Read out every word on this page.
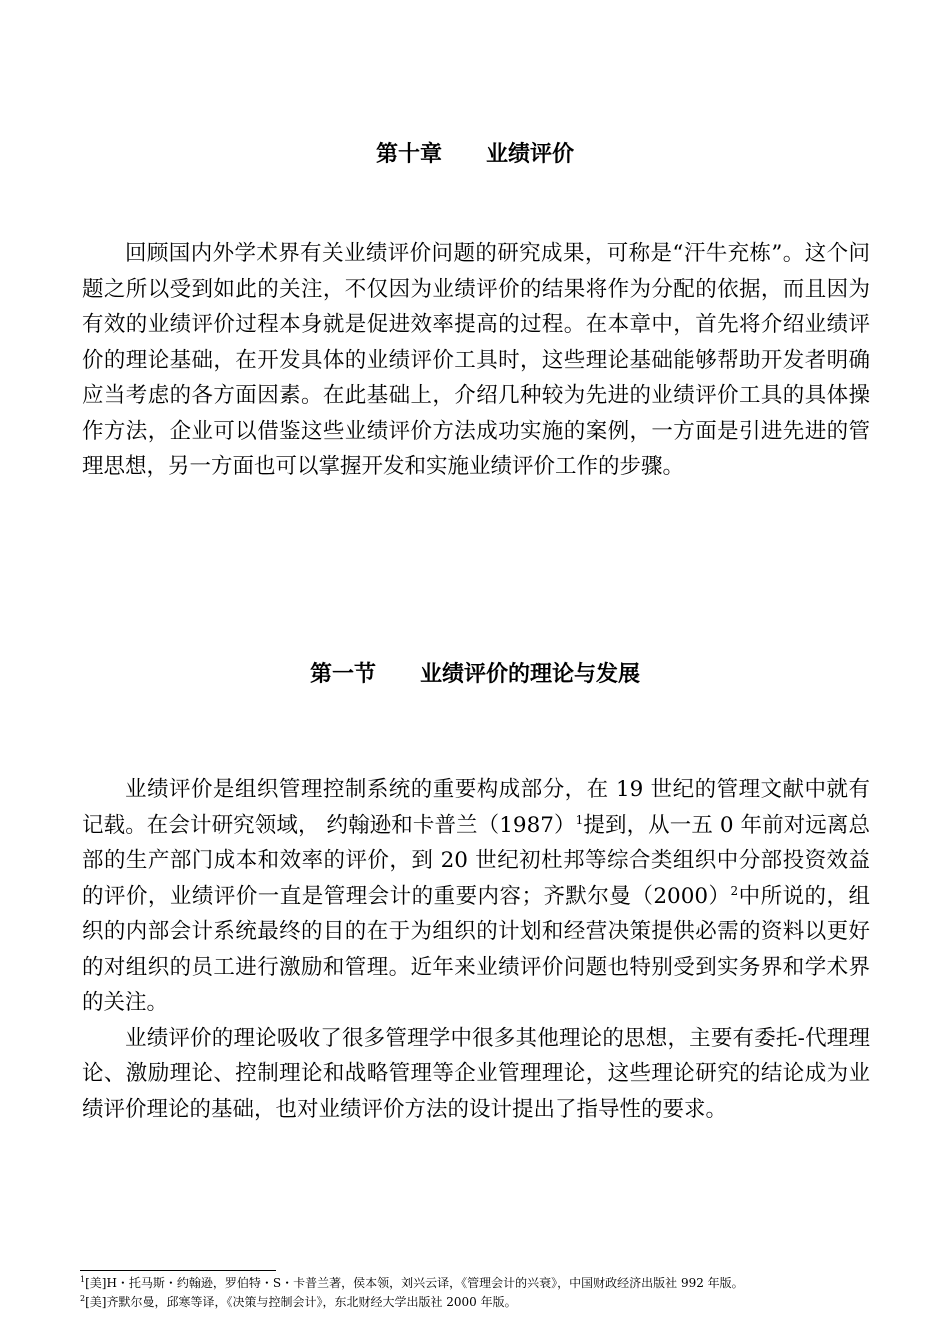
第十章　　业绩评价

回顾国内外学术界有关业绩评价问题的研究成果，可称是“汗牛充栋”。这个问题之所以受到如此的关注，不仅因为业绩评价的结果将作为分配的依据，而且因为有效的业绩评价过程本身就是促进效率提高的过程。在本章中，首先将介绍业绩评价的理论基础，在开发具体的业绩评价工具时，这些理论基础能够帮助开发者明确应当考虑的各方面因素。在此基础上，介绍几种较为先进的业绩评价工具的具体操作方法，企业可以借鉴这些业绩评价方法成功实施的案例，一方面是引进先进的管理思想，另一方面也可以掌握开发和实施业绩评价工作的步骤。

第一节　　业绩评价的理论与发展

业绩评价是组织管理控制系统的重要构成部分，在 19 世纪的管理文献中就有记载。在会计研究领域， 约翰逊和卡普兰$(1987)^1$提到，从一五 0 年前对远离总部的生产部门成本和效率的评价，到 20 世纪初杜邦等综合类组织中分部投资效益的评价，业绩评价一直是管理会计的重要内容；齐默尔曼$(2000)^2$中所说的，组织的内部会计系统最终的目的在于为组织的计划和经营决策提供必需的资料以更好的对组织的员工进行激励和管理。近年来业绩评价问题也特别受到实务界和学术界的关注。

业绩评价的理论吸收了很多管理学中很多其他理论的思想，主要有委托-代理理论、激励理论、控制理论和战略管理等企业管理理论，这些理论研究的结论成为业绩评价理论的基础，也对业绩评价方法的设计提出了指导性的要求。

$^1$[美]H・托马斯・约翰逊，罗伯特・S・卡普兰著，侯本领，刘兴云译，《管理会计的兴衰》，中国财政经济出版社 992 年版。
$^2$[美]齐默尔曼，邱寒等译，《决策与控制会计》，东北财经大学出版社 2000 年版。
